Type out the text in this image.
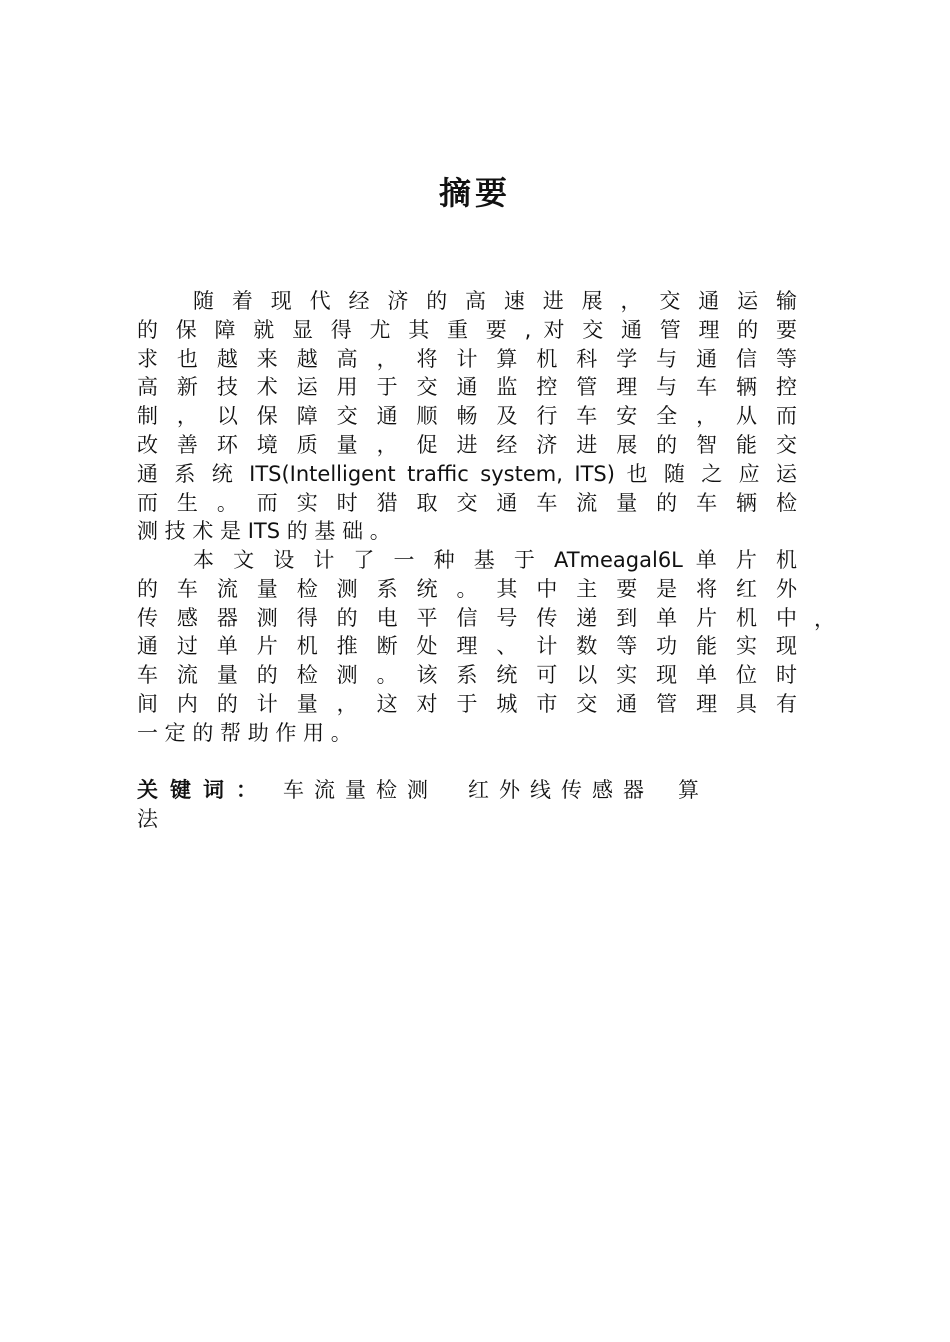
摘要
随 着 现 代 经 济 的 高 速 进 展 ， 交 通 运 输
的 保 障 就 显 得 尤 其 重 要 , 对 交 通 管 理 的 要
求 也 越 来 越 高 ， 将 计 算 机 科 学 与 通 信 等
高 新 技 术 运 用 于 交 通 监 控 管 理 与 车 辆 控
制 ， 以 保 障 交 通 顺 畅 及 行 车 安 全 ， 从 而
改 善 环 境 质 量 ， 促 进 经 济 进 展 的 智 能 交
通 系 统 ITS(Intelligent traffic system, ITS) 也 随 之 应 运
而 生 。 而 实 时 猎 取 交 通 车 流 量 的 车 辆 检
测 技 术 是 ITS 的 基 础 。
本 文 设 计 了 一 种 基 于 ATmeagal6L 单 片 机
的 车 流 量 检 测 系 统 。 其 中 主 要 是 将 红 外
传 感 器 测 得 的 电 平 信 号 传 递 到 单 片 机 中
通 过 单 片 机 推 断 处 理 、 计 数 等 功 能 实 现
车 流 量 的 检 测 。 该 系 统 可 以 实 现 单 位 时
间 内 的 计 量 ， 这 对 于 城 市 交 通 管 理 具 有
一 定 的 帮 助 作 用 。
，
关键词： 车流量检测 红外线传感器 算
法
